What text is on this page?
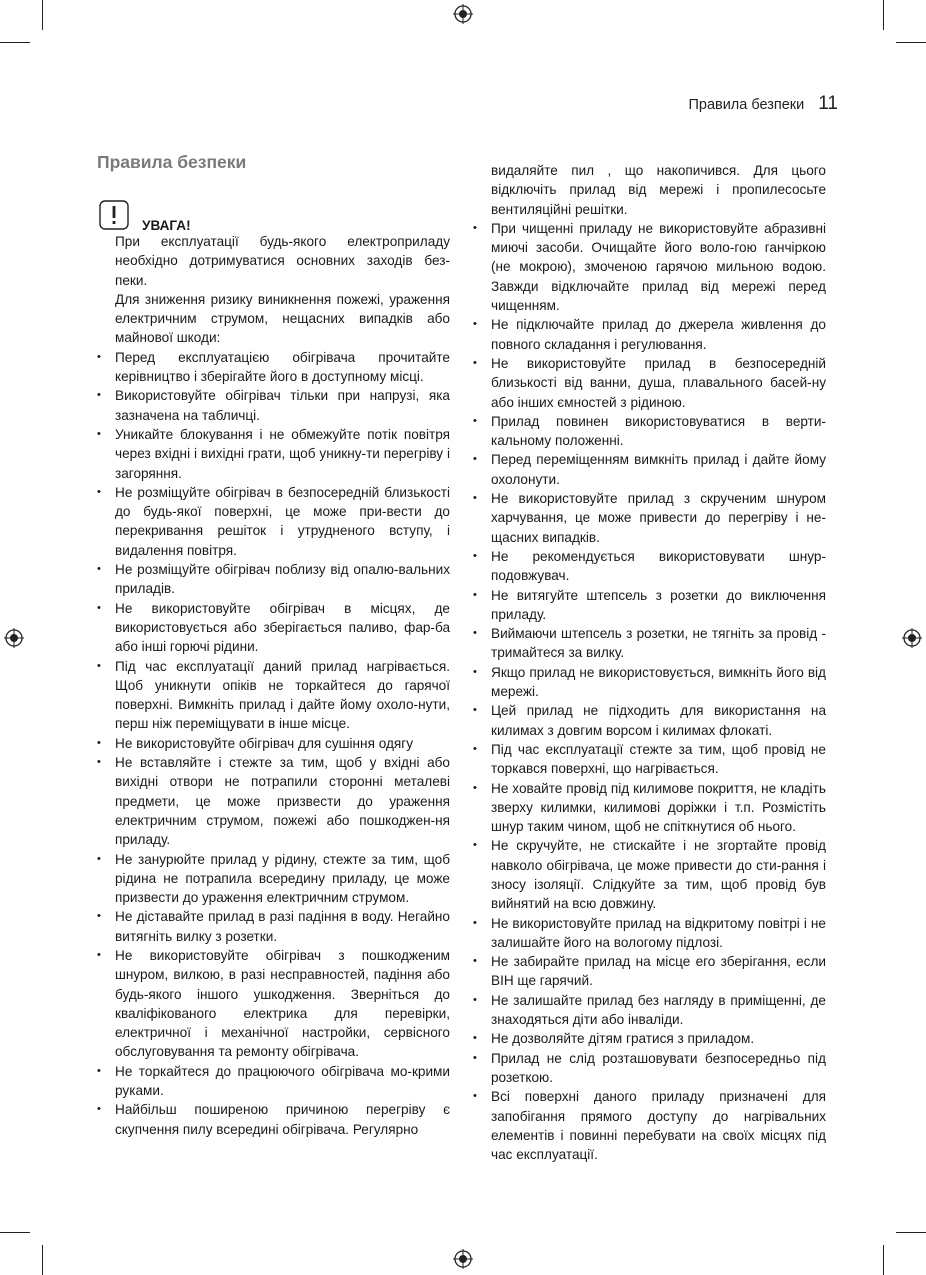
Правила безпеки 11
Правила безпеки
УВАГА!

При експлуатації будь-якого електроприладу необхідно дотримуватися основних заходів без-пеки.

Для зниження ризику виникнення пожежі, ураження електричним струмом, нещасних випадків або майнової шкоди:

• Перед експлуатацією обігрівача прочитайте керівництво і зберігайте його в доступному місці.
• Використовуйте обігрівач тільки при напрузі, яка зазначена на табличці.
• Уникайте блокування і не обмежуйте потік повітря через вхідні і вихідні грати, щоб уникну-ти перегріву і загоряння.
• Не розміщуйте обігрівач в безпосередній близькості до будь-якої поверхні, це може при-вести до перекривання решіток і утрудненого вступу, і видалення повітря.
• Не розміщуйте обігрівач поблизу від опалю-вальних приладів.
• Не використовуйте обігрівач в місцях, де використовується або зберігається паливо, фар-ба або інші горючі рідини.
• Під час експлуатації даний прилад нагрівається. Щоб уникнути опіків не торкайтеся до гарячої поверхні. Вимкніть прилад і дайте йому охоло-нути, перш ніж переміщувати в інше місце.
• Не використовуйте обігрівач для сушіння одягу
• Не вставляйте і стежте за тим, щоб у вхідні або вихідні отвори не потрапили сторонні металеві предмети, це може призвести до ураження електричним струмом, пожежі або пошкоджен-ня приладу.
• Не занурюйте прилад у рідину, стежте за тим, щоб рідина не потрапила всередину приладу, це може призвести до ураження електричним струмом.
• Не діставайте прилад в разі падіння в воду. Негайно витягніть вилку з розетки.
• Не використовуйте обігрівач з пошкодженим шнуром, вилкою, в разі несправностей, падіння або будь-якого іншого ушкодження. Зверніться до кваліфікованого електрика для перевірки, електричної і механічної настройки, сервісного обслуговування та ремонту обігрівача.
• Не торкайтеся до працюючого обігрівача мо-крими руками.
• Найбільш поширеною причиною перегріву є скупчення пилу всередині обігрівача. Регулярно

видаляйте пил , що накопичився. Для цього відключіть прилад від мережі і пропилесосьте вентиляційні решітки.

• При чищенні приладу не використовуйте абразивні миючі засоби. Очищайте його воло-гою ганчіркою (не мокрою), змоченою гарячою мильною водою. Завжди відключайте прилад від мережі перед чищенням.
• Не підключайте прилад до джерела живлення до повного складання і регулювання.
• Не використовуйте прилад в безпосередній близькості від ванни, душа, плавального басей-ну або інших ємностей з рідиною.
• Прилад повинен використовуватися в верти-кальному положенні.
• Перед переміщенням вимкніть прилад і дайте йому охолонути.
• Не використовуйте прилад з скрученим шнуром харчування, це може привести до перегріву і не-щасних випадків.
• Не рекомендується використовувати шнур-подовжувач.
• Не витягуйте штепсель з розетки до виключення приладу.
• Виймаючи штепсель з розетки, не тягніть за провід - тримайтеся за вилку.
• Якщо прилад не використовується, вимкніть його від мережі.
• Цей прилад не підходить для використання на килимах з довгим ворсом і килимах флокаті.
• Під час експлуатації стежте за тим, щоб провід не торкався поверхні, що нагрівається.
• Не ховайте провід під килимове покриття, не кладіть зверху килимки, килимові доріжки і т.п. Розмістіть шнур таким чином, щоб не спіткнутися об нього.
• Не скручуйте, не стискайте і не згортайте провід навколо обігрівача, це може привести до сти-рання і зносу ізоляції. Слідкуйте за тим, щоб провід був вийнятий на всю довжину.
• Не використовуйте прилад на відкритому повітрі і не залишайте його на вологому підлозі.
• Не забирайте прилад на місце его зберігання, если ВІН ще гарячий.
• Не залишайте прилад без нагляду в приміщенні, де знаходяться діти або інваліди.
• Не дозволяйте дітям гратися з приладом.
• Прилад не слід розташовувати безпосередньо під розеткою.
• Всі поверхні даного приладу призначені для запобігання прямого доступу до нагрівальних елементів і повинні перебувати на своїх місцях під час експлуатації.
